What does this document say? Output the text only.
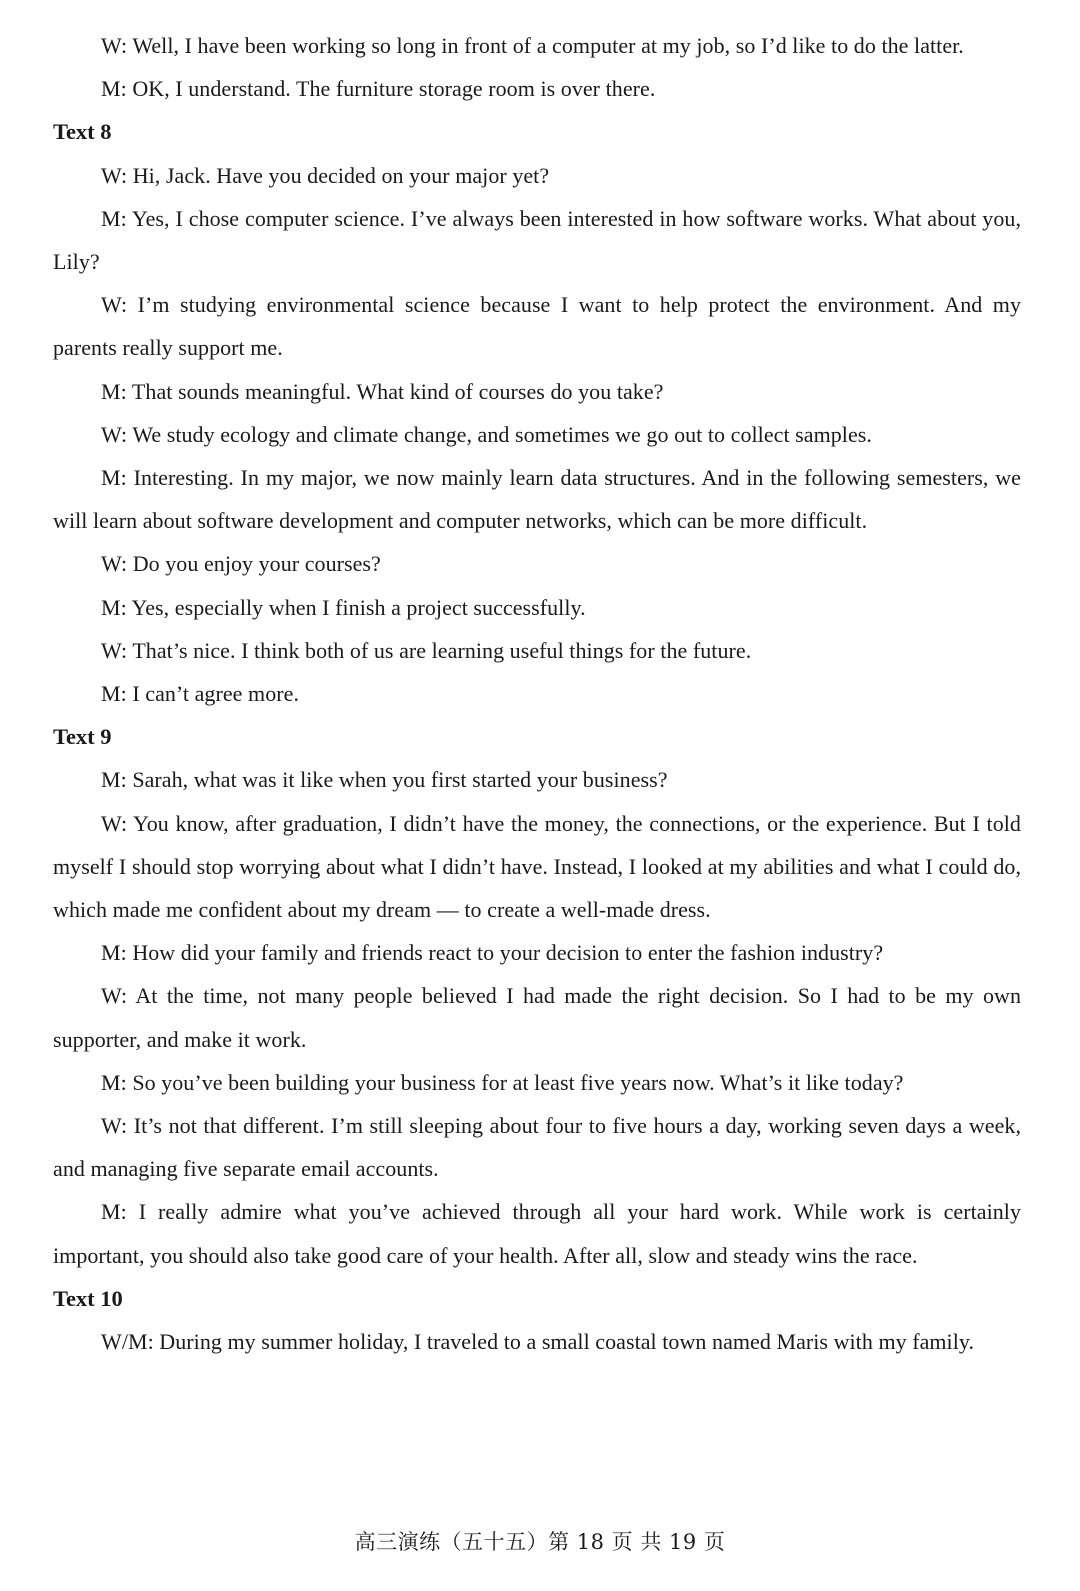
W: Well, I have been working so long in front of a computer at my job, so I’d like to do the latter.

M: OK, I understand. The furniture storage room is over there.

Text 8

W: Hi, Jack. Have you decided on your major yet?

M: Yes, I chose computer science. I’ve always been interested in how software works. What about you, Lily?

W: I’m studying environmental science because I want to help protect the environment. And my parents really support me.

M: That sounds meaningful. What kind of courses do you take?

W: We study ecology and climate change, and sometimes we go out to collect samples.

M: Interesting. In my major, we now mainly learn data structures. And in the following semesters, we will learn about software development and computer networks, which can be more difficult.

W: Do you enjoy your courses?

M: Yes, especially when I finish a project successfully.

W: That’s nice. I think both of us are learning useful things for the future.

M: I can’t agree more.

Text 9

M: Sarah, what was it like when you first started your business?

W: You know, after graduation, I didn’t have the money, the connections, or the experience. But I told myself I should stop worrying about what I didn’t have. Instead, I looked at my abilities and what I could do, which made me confident about my dream — to create a well-made dress.

M: How did your family and friends react to your decision to enter the fashion industry?

W: At the time, not many people believed I had made the right decision. So I had to be my own supporter, and make it work.

M: So you’ve been building your business for at least five years now. What’s it like today?

W: It’s not that different. I’m still sleeping about four to five hours a day, working seven days a week, and managing five separate email accounts.

M: I really admire what you’ve achieved through all your hard work. While work is certainly important, you should also take good care of your health. After all, slow and steady wins the race.

Text 10

W/M: During my summer holiday, I traveled to a small coastal town named Maris with my family.

高三演练（五十五）第 18 页 共 19 页
